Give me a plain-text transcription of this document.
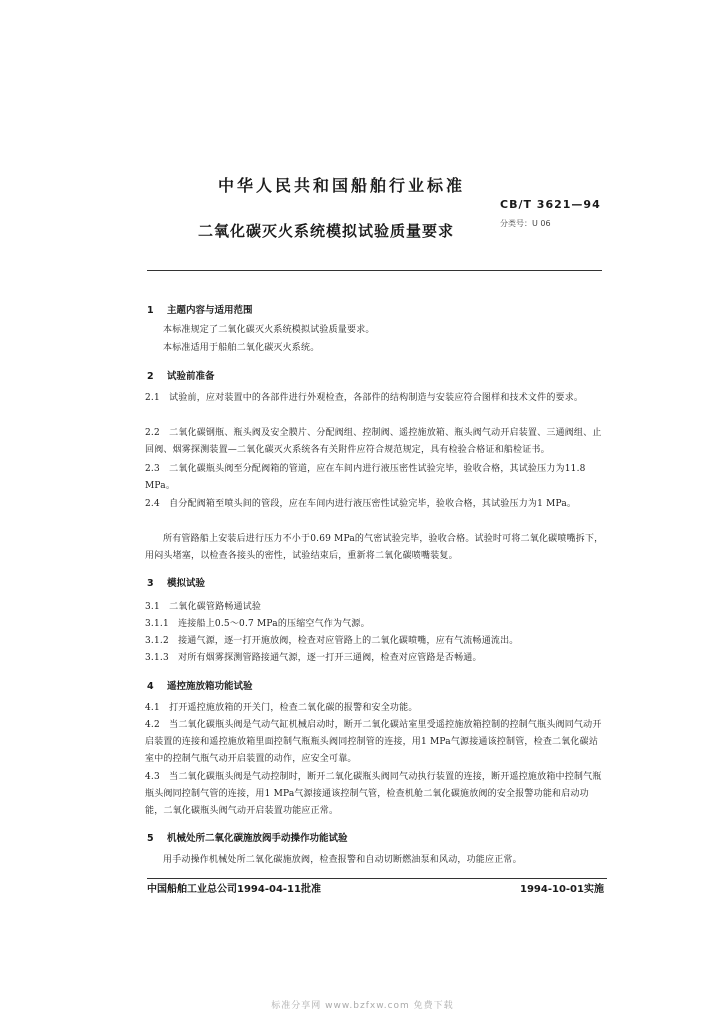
中华人民共和国船舶行业标准
CB/T 3621—94
分类号：U 06
二氧化碳灭火系统模拟试验质量要求
1 主题内容与适用范围
本标准规定了二氧化碳灭火系统模拟试验质量要求。
本标准适用于船舶二氧化碳灭火系统。
2 试验前准备
2.1　试验前，应对装置中的各部件进行外观检查，各部件的结构制造与安装应符合图样和技术文件的要求。
2.2　二氧化碳钢瓶、瓶头阀及安全膜片、分配阀组、控制阀、遥控施放箱、瓶头阀气动开启装置、三通阀组、止回阀、烟雾探测装置—二氧化碳灭火系统各有关附件应符合规范规定，具有检验合格证和船检证书。
2.3　二氧化碳瓶头阀至分配阀箱的管道，应在车间内进行液压密性试验完毕，验收合格，其试验压力为11.8 MPa。
2.4　自分配阀箱至喷头间的管段，应在车间内进行液压密性试验完毕，验收合格，其试验压力为1 MPa。
所有管路船上安装后进行压力不小于0.69 MPa的气密试验完毕，验收合格。试验时可将二氧化碳喷嘴拆下，用闷头堵塞，以检查各接头的密性，试验结束后，重新将二氧化碳喷嘴装复。
3 模拟试验
3.1　二氧化碳管路畅通试验
3.1.1　连接船上0.5～0.7 MPa的压缩空气作为气源。
3.1.2　接通气源，逐一打开施放阀，检查对应管路上的二氧化碳喷嘴，应有气流畅通流出。
3.1.3　对所有烟雾探测管路接通气源，逐一打开三通阀，检查对应管路是否畅通。
4 遥控施放箱功能试验
4.1　打开遥控施放箱的开关门，检查二氧化碳的报警和安全功能。
4.2　当二氧化碳瓶头阀是气动气缸机械启动时，断开二氧化碳站室里受遥控施放箱控制的控制气瓶头阀同气动开启装置的连接和遥控施放箱里面控制气瓶瓶头阀同控制管的连接，用1 MPa气源接通该控制管，检查二氧化碳站室中的控制气瓶气动开启装置的动作，应安全可靠。
4.3　当二氧化碳瓶头阀是气动控制时，断开二氧化碳瓶头阀同气动执行装置的连接，断开遥控施放箱中控制气瓶瓶头阀同控制气管的连接，用1 MPa气源接通该控制气管，检查机舱二氧化碳施放阀的安全报警功能和启动功能，二氧化碳瓶头阀气动开启装置功能应正常。
5 机械处所二氧化碳施放阀手动操作功能试验
用手动操作机械处所二氧化碳施放阀，检查报警和自动切断燃油泵和风动，功能应正常。
中国船舶工业总公司1994-04-11批准	1994-10-01实施
标准分享网 www.bzfxw.com 免费下载
